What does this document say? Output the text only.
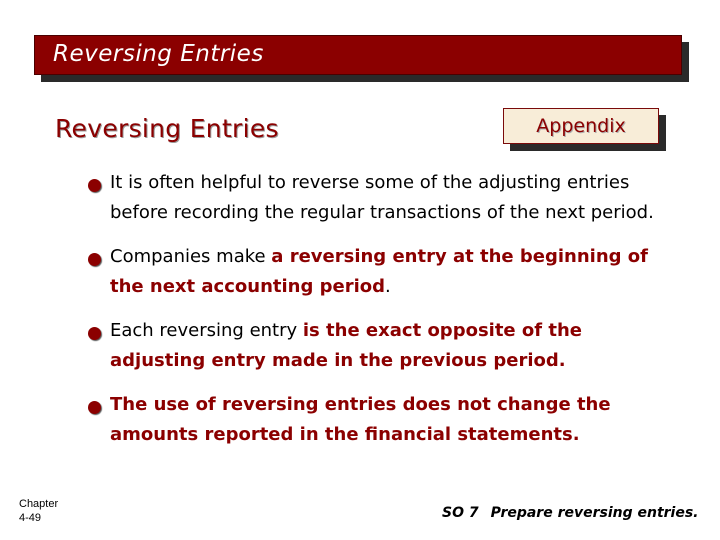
Reversing Entries
Reversing Entries	Appendix
It is often helpful to reverse some of the adjusting entries before recording the regular transactions of the next period.
Companies make a reversing entry at the beginning of the next accounting period.
Each reversing entry is the exact opposite of the adjusting entry made in the previous period.
The use of reversing entries does not change the amounts reported in the financial statements.
Chapter
4-49	SO 7 Prepare reversing entries.
